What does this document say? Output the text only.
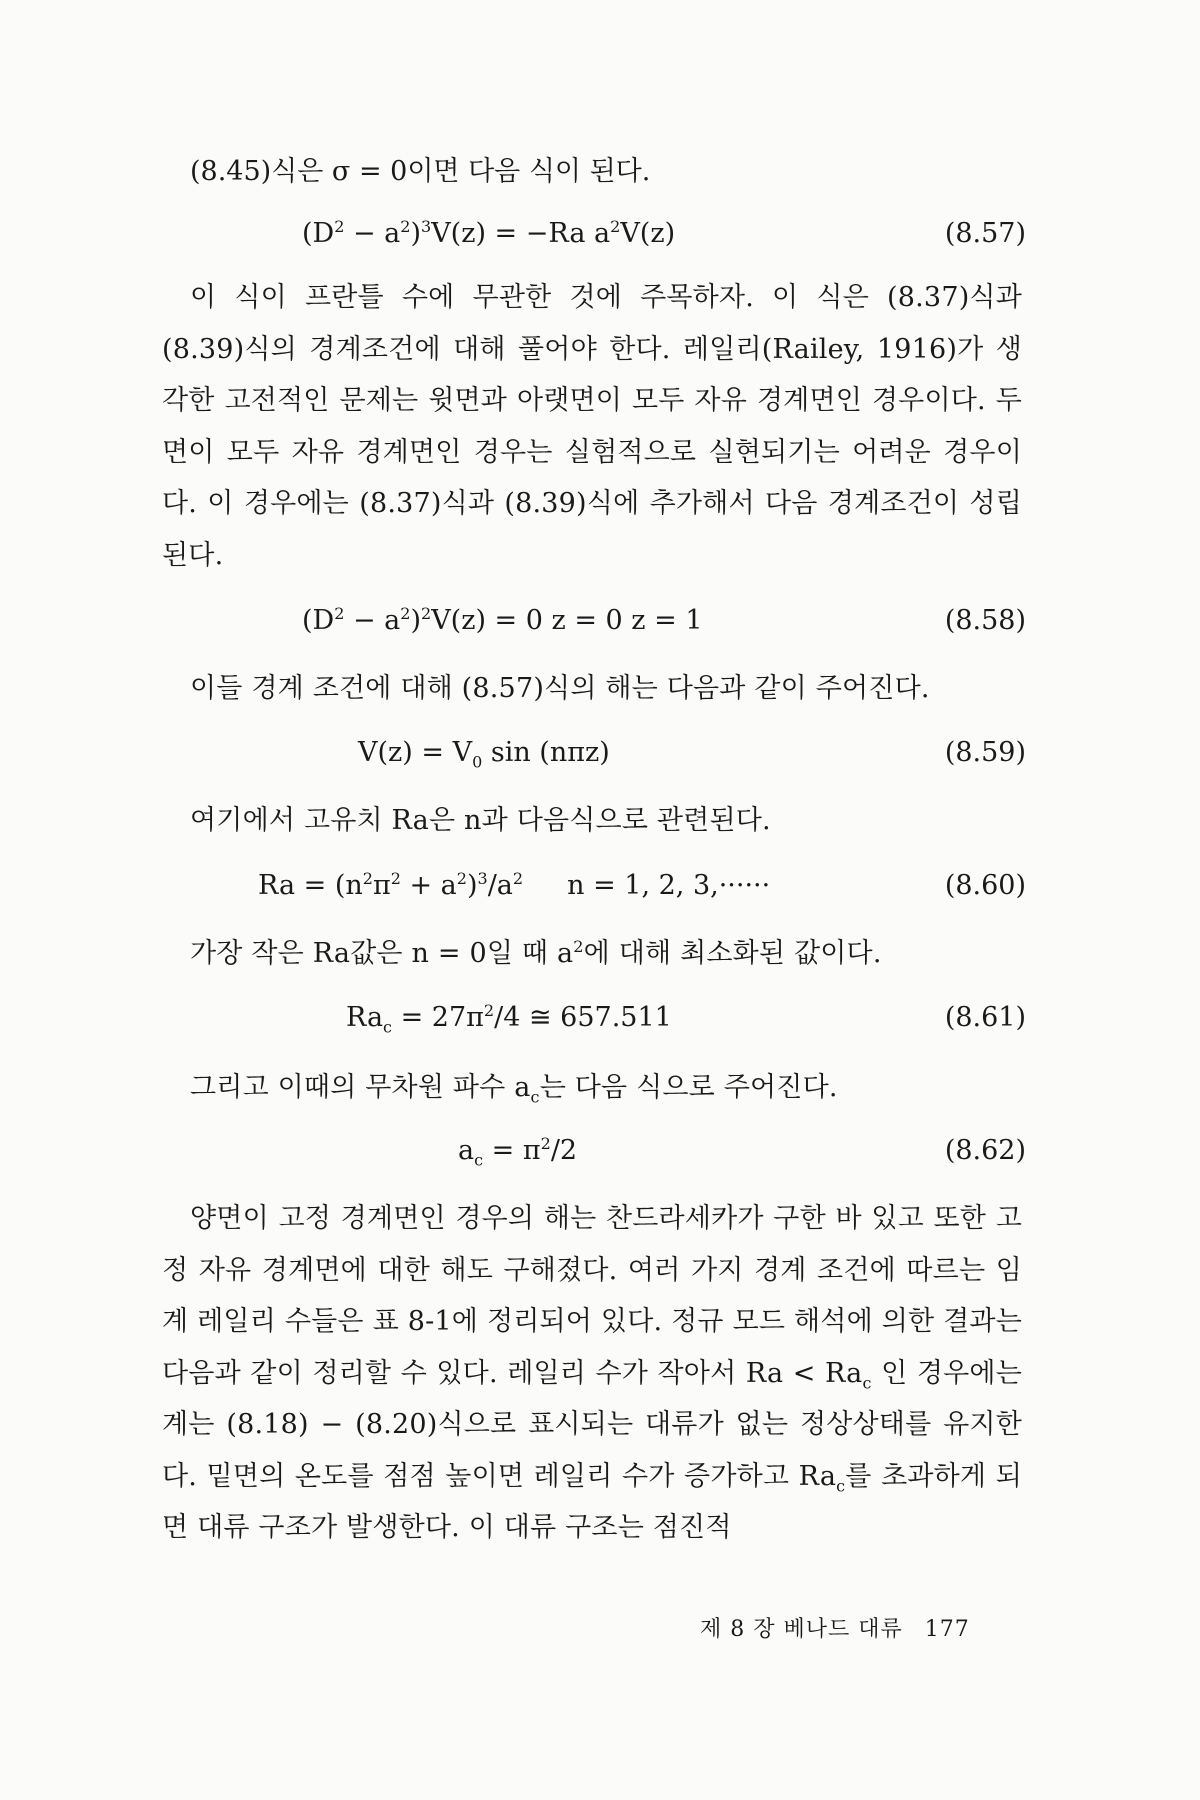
(8.45)식은 σ = 0이면 다음 식이 된다.

$(D^2 - a^2)^3V(z) = -Ra$ $a^2V(z)$	(8.57)

이 식이 프란틀 수에 무관한 것에 주목하자. 이 식은 (8.37)식과 (8.39)식의 경계조건에 대해 풀어야 한다. 레일리(Railey, 1916)가 생각한 고전적인 문제는 윗면과 아랫면이 모두 자유 경계면인 경우이다. 두 면이 모두 자유 경계면인 경우는 실험적으로 실현되기는 어려운 경우이다. 이 경우에는 (8.37)식과 (8.39)식에 추가해서 다음 경계조건이 성립된다.

$(D^2 - a^2)^2V(z) = 0$ z = 0 z = 1	(8.58)

이들 경계 조건에 대해 (8.57)식의 해는 다음과 같이 주어진다.

$V(z) = V_0$ sin (nπz)	(8.59)

여기에서 고유치 Ra은 n과 다음식으로 관련된다.

$Ra = (n^2\pi^2 + a^2)^3/a^2$ n = 1, 2, 3,······	(8.60)

가장 작은 Ra값은 n = 0일 때 $a^2$에 대해 최소화된 값이다.

$Ra_c = 27\pi^2/4$ ≅ 657.511	(8.61)

그리고 이때의 무차원 파수 $a_c$는 다음 식으로 주어진다.

$a_c = \pi^2/2$	(8.62)

양면이 고정 경계면인 경우의 해는 찬드라세카가 구한 바 있고 또한 고정 자유 경계면에 대한 해도 구해졌다. 여러 가지 경계 조건에 따르는 임계 레일리 수들은 표 8-1에 정리되어 있다. 정규 모드 해석에 의한 결과는 다음과 같이 정리할 수 있다. 레일리 수가 작아서 $Ra < Ra_c$ 인 경우에는 계는 (8.18) − (8.20)식으로 표시되는 대류가 없는 정상상태를 유지한다. 밑면의 온도를 점점 높이면 레일리 수가 증가하고 $Ra_c$를 초과하게 되면 대류 구조가 발생한다. 이 대류 구조는 점진적

제 8 장 베나드 대류 177
